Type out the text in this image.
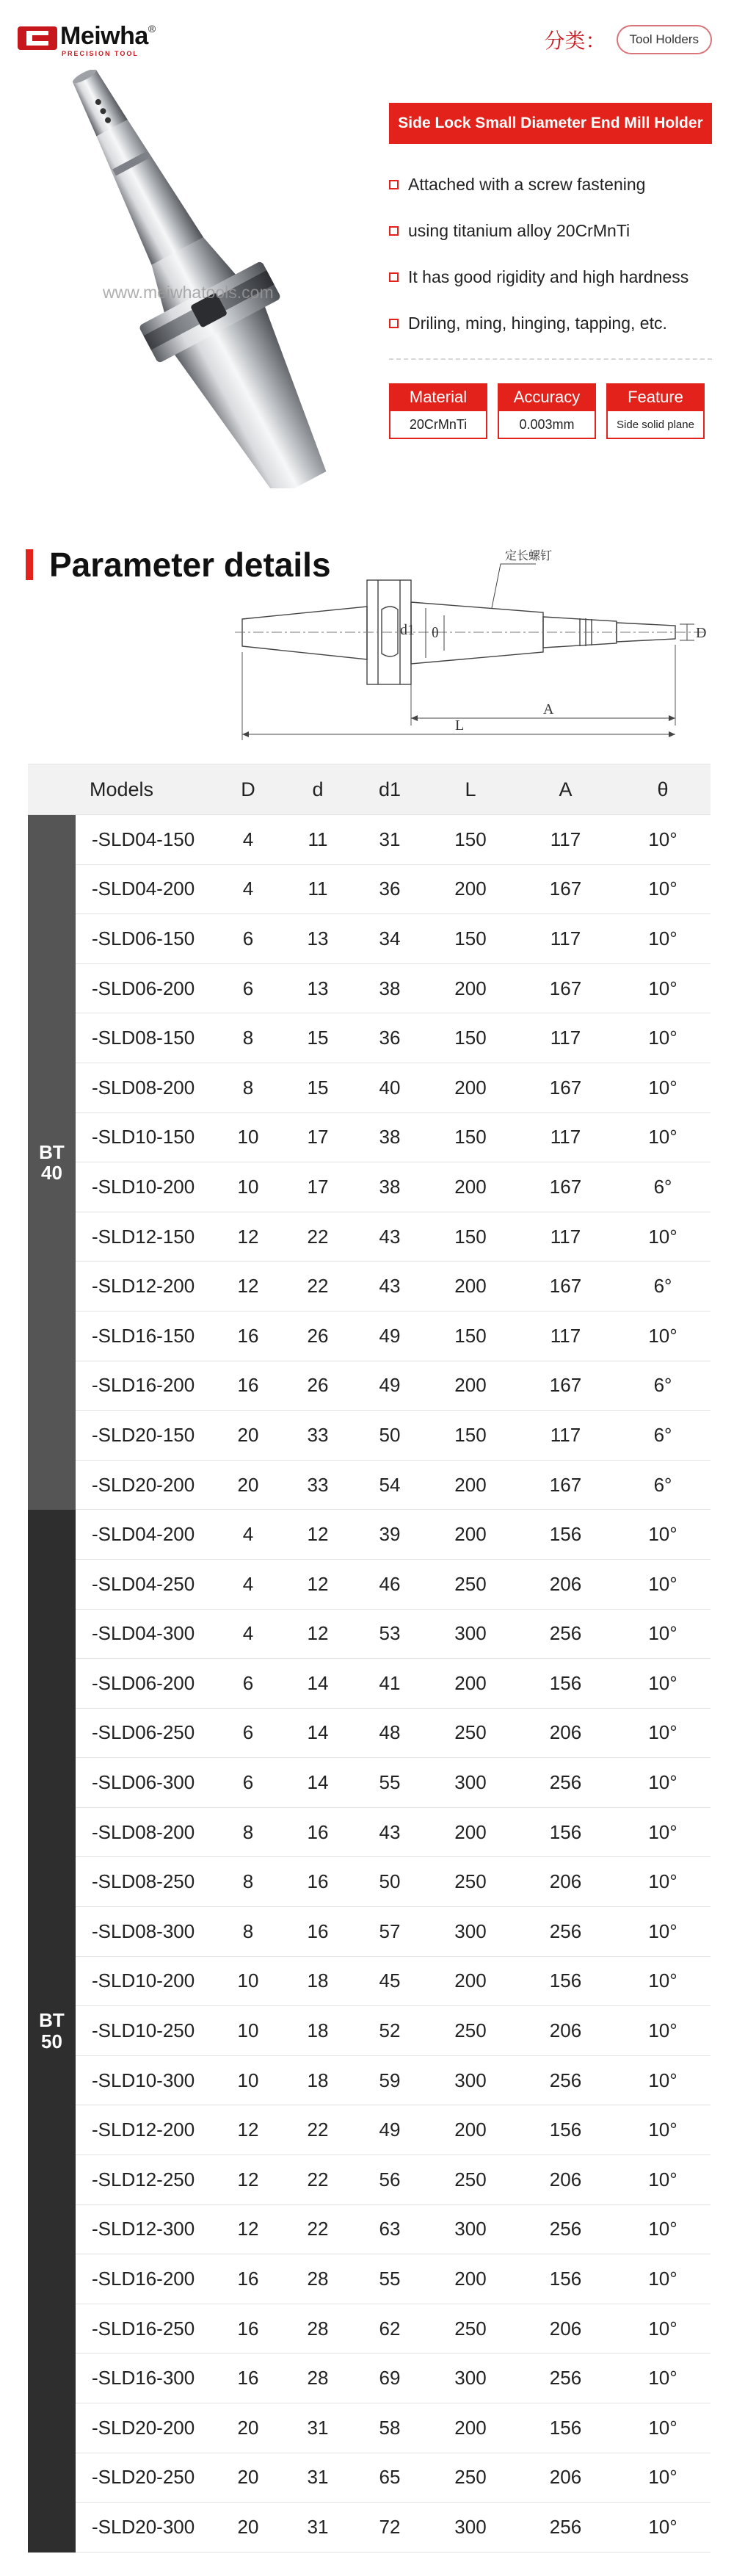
Meiwha®
PRECISION TOOL
分类：	Tool Holders
www.meiwhatools.com
Side Lock Small Diameter End Mill Holder
Attached with a screw fastening
using titanium alloy 20CrMnTi
It has good rigidity and high hardness
Driling, ming, hinging, tapping, etc.
Material
20CrMnTi
Accuracy
0.003mm
Feature
Side solid plane
Parameter details	定长螺钉
d1 θ	D
A
L
Models	D	d	d1	L	A	θ
BT
40
-SLD04-150	4	11	31	150	117	10°
-SLD04-200	4	11	36	200	167	10°
-SLD06-150	6	13	34	150	117	10°
-SLD06-200	6	13	38	200	167	10°
-SLD08-150	8	15	36	150	117	10°
-SLD08-200	8	15	40	200	167	10°
-SLD10-150	10	17	38	150	117	10°
-SLD10-200	10	17	38	200	167	6°
-SLD12-150	12	22	43	150	117	10°
-SLD12-200	12	22	43	200	167	6°
-SLD16-150	16	26	49	150	117	10°
-SLD16-200	16	26	49	200	167	6°
-SLD20-150	20	33	50	150	117	6°
-SLD20-200	20	33	54	200	167	6°
BT
50
-SLD04-200	4	12	39	200	156	10°
-SLD04-250	4	12	46	250	206	10°
-SLD04-300	4	12	53	300	256	10°
-SLD06-200	6	14	41	200	156	10°
-SLD06-250	6	14	48	250	206	10°
-SLD06-300	6	14	55	300	256	10°
-SLD08-200	8	16	43	200	156	10°
-SLD08-250	8	16	50	250	206	10°
-SLD08-300	8	16	57	300	256	10°
-SLD10-200	10	18	45	200	156	10°
-SLD10-250	10	18	52	250	206	10°
-SLD10-300	10	18	59	300	256	10°
-SLD12-200	12	22	49	200	156	10°
-SLD12-250	12	22	56	250	206	10°
-SLD12-300	12	22	63	300	256	10°
-SLD16-200	16	28	55	200	156	10°
-SLD16-250	16	28	62	250	206	10°
-SLD16-300	16	28	69	300	256	10°
-SLD20-200	20	31	58	200	156	10°
-SLD20-250	20	31	65	250	206	10°
-SLD20-300	20	31	72	300	256	10°
